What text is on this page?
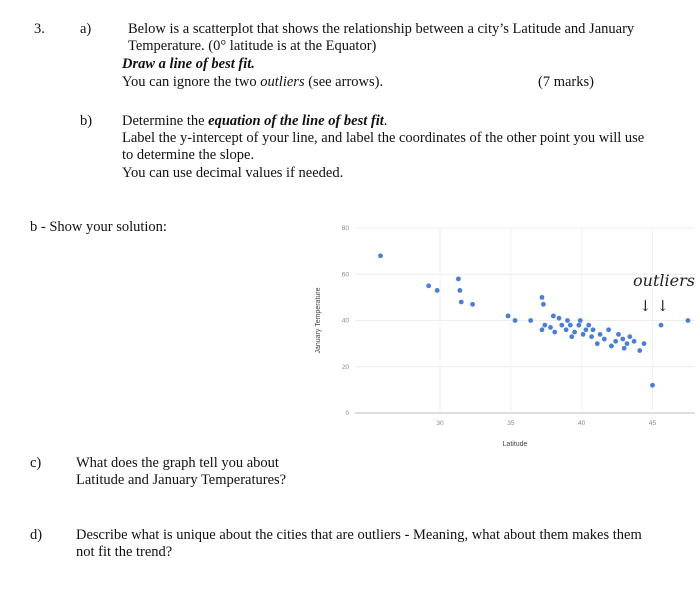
3. a)	Below is a scatterplot that shows the relationship between a city’s Latitude and January
Temperature. (0° latitude is at the Equator)
Draw a line of best fit.
You can ignore the two outliers (see arrows).	(7 marks)
b) Determine the equation of the line of best fit.
Label the y-intercept of your line, and label the coordinates of the other point you will use
to determine the slope.
You can use decimal values if needed.
b - Show your solution:
0
20
40
60
80
30	35	40	45
January Temperature
Latitude
outliers
↓ ↓
c) What does the graph tell you about
Latitude and January Temperatures?
d) Describe what is unique about the cities that are outliers - Meaning, what about them makes them
not fit the trend?
